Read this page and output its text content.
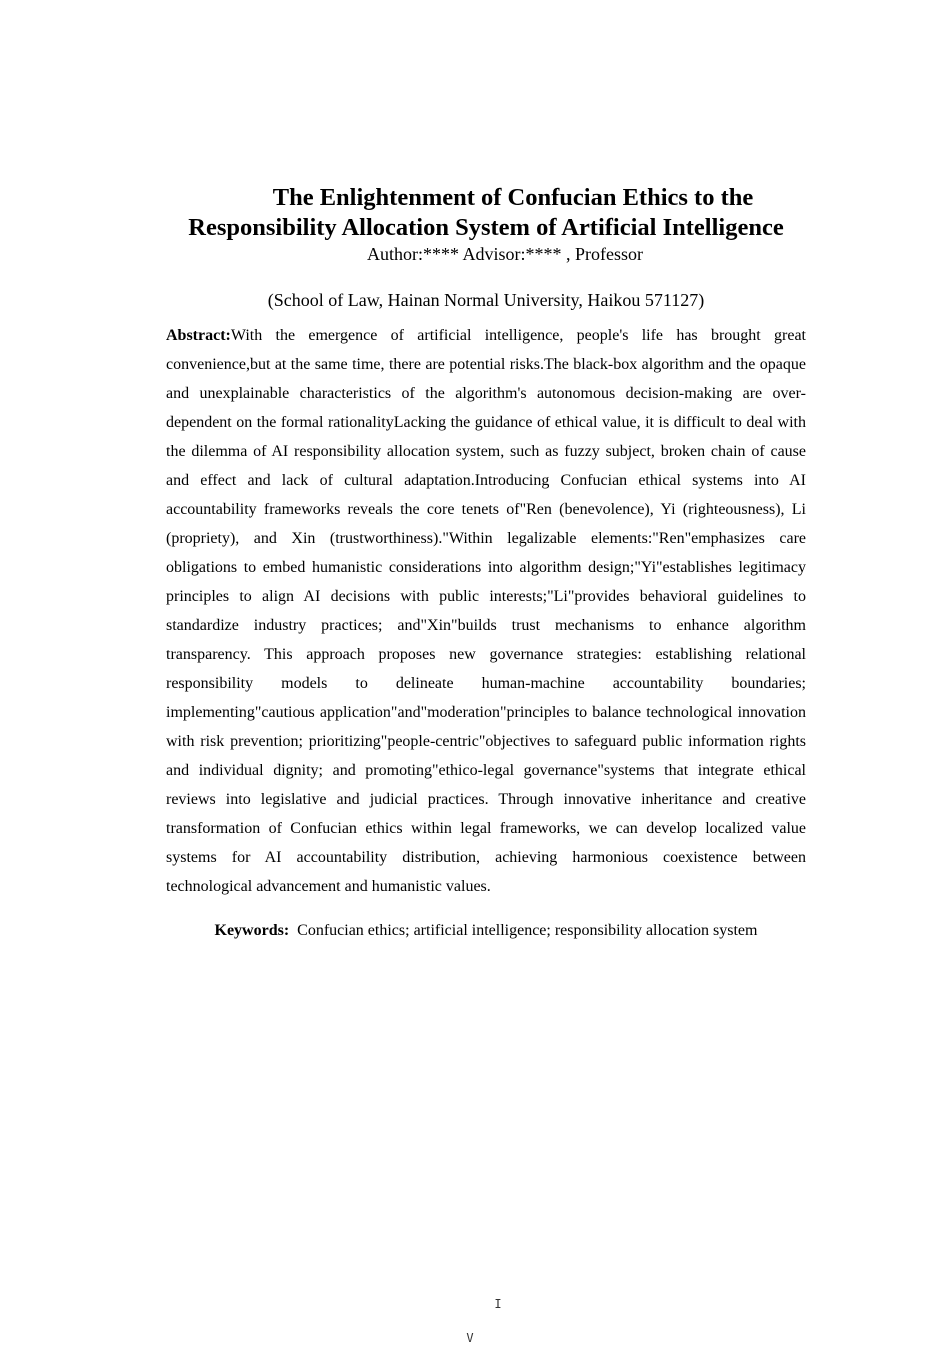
The Enlightenment of Confucian Ethics to the
Responsibility Allocation System of Artificial Intelligence
Author:**** Advisor:**** , Professor
(School of Law, Hainan Normal University, Haikou 571127)

Abstract:With the emergence of artificial intelligence, people's life has brought great convenience,but at the same time, there are potential risks.The black-box algorithm and the opaque and unexplainable characteristics of the algorithm's autonomous decision-making are over-dependent on the formal rationalityLacking the guidance of ethical value, it is difficult to deal with the dilemma of AI responsibility allocation system, such as fuzzy subject, broken chain of cause and effect and lack of cultural adaptation.Introducing Confucian ethical systems into AI accountability frameworks reveals the core tenets of"Ren (benevolence), Yi (righteousness), Li (propriety), and Xin (trustworthiness)."Within legalizable elements:"Ren"emphasizes care obligations to embed humanistic considerations into algorithm design;"Yi"establishes legitimacy principles to align AI decisions with public interests;"Li"provides behavioral guidelines to standardize industry practices; and"Xin"builds trust mechanisms to enhance algorithm transparency. This approach proposes new governance strategies: establishing relational responsibility models to delineate human-machine accountability boundaries; implementing"cautious application"and"moderation"principles to balance technological innovation with risk prevention; prioritizing"people-centric"objectives to safeguard public information rights and individual dignity; and promoting"ethico-legal governance"systems that integrate ethical reviews into legislative and judicial practices. Through innovative inheritance and creative transformation of Confucian ethics within legal frameworks, we can develop localized value systems for AI accountability distribution, achieving harmonious coexistence between technological advancement and humanistic values.

Keywords: Confucian ethics; artificial intelligence; responsibility allocation system
I
V
